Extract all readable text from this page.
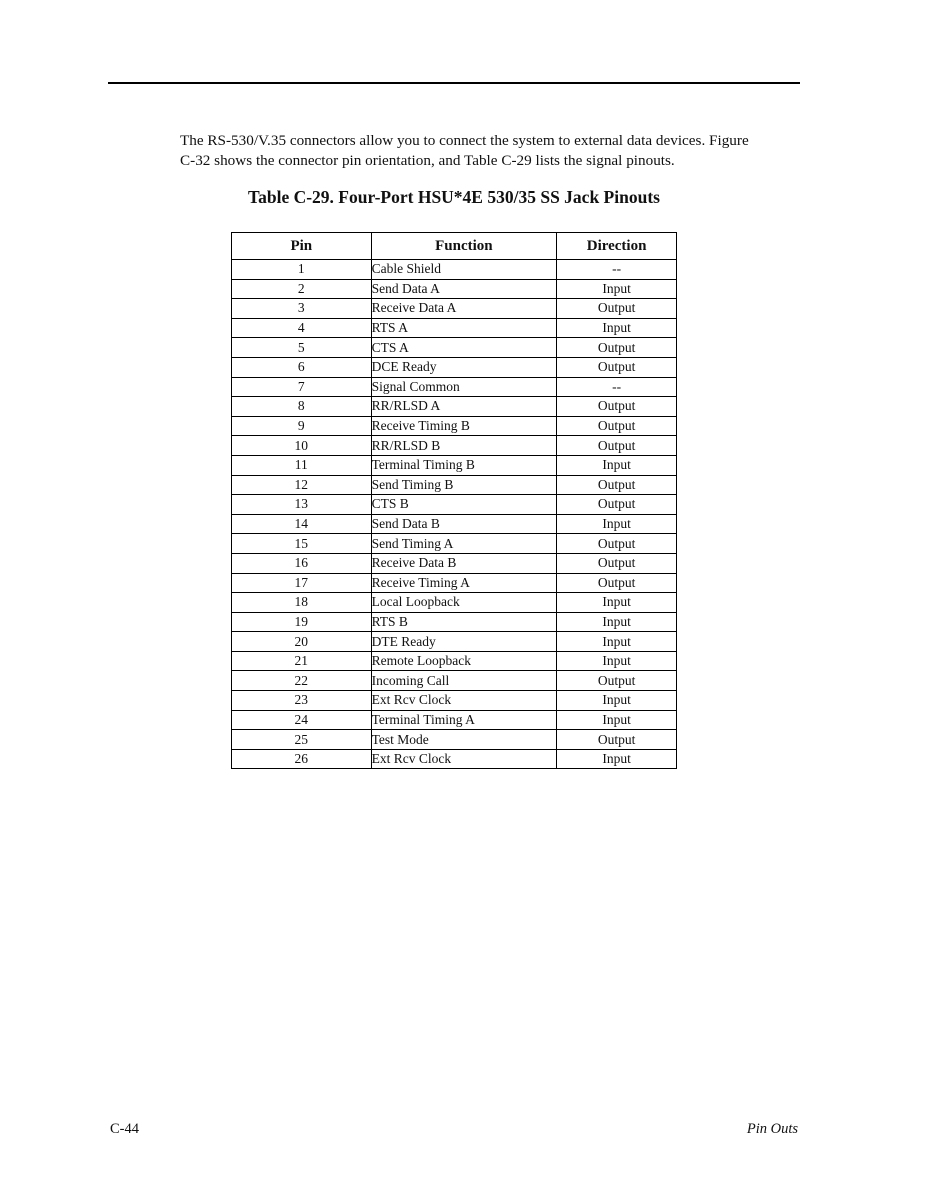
The RS-530/V.35 connectors allow you to connect the system to external data devices. Figure
C-32 shows the connector pin orientation, and Table C-29 lists the signal pinouts.

Table C-29. Four-Port HSU*4E 530/35 SS Jack Pinouts
Pin	Function	Direction
1	Cable Shield	--
2	Send Data A	Input
3	Receive Data A	Output
4	RTS A	Input
5	CTS A	Output
6	DCE Ready	Output
7	Signal Common	--
8	RR/RLSD A	Output
9	Receive Timing B	Output
10	RR/RLSD B	Output
11	Terminal Timing B	Input
12	Send Timing B	Output
13	CTS B	Output
14	Send Data B	Input
15	Send Timing A	Output
16	Receive Data B	Output
17	Receive Timing A	Output
18	Local Loopback	Input
19	RTS B	Input
20	DTE Ready	Input
21	Remote Loopback	Input
22	Incoming Call	Output
23	Ext Rcv Clock	Input
24	Terminal Timing A	Input
25	Test Mode	Output
26	Ext Rcv Clock	Input
C-44	Pin Outs
